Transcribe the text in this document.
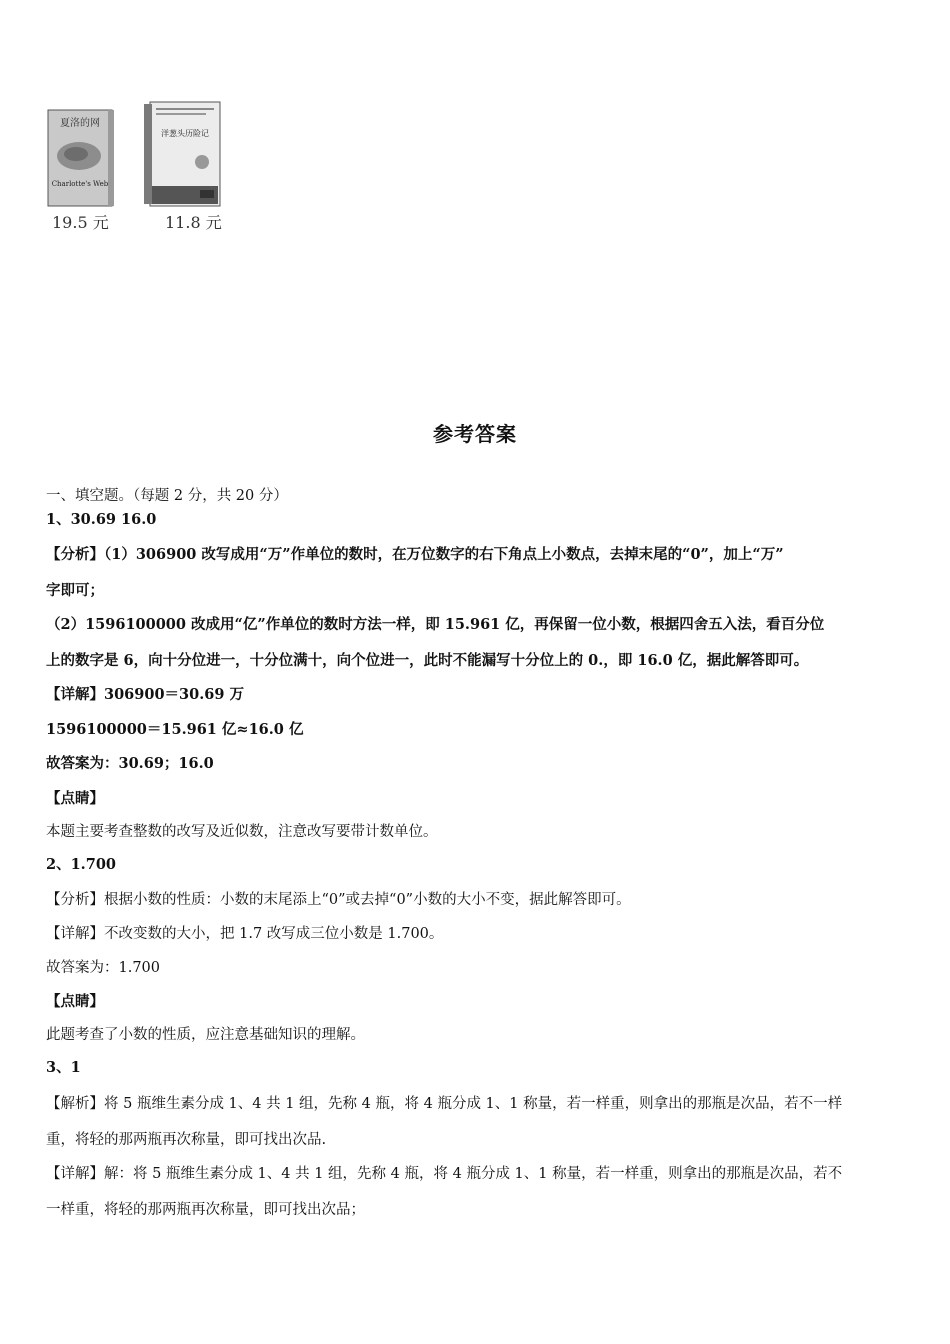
夏洛的网
Charlotte's Web
洋葱头历险记
19.5 元	11.8 元
参考答案
一、填空题。（每题 2 分，共 20 分）
1、30.69 16.0
【分析】（1）306900 改写成用“万”作单位的数时，在万位数字的右下角点上小数点，去掉末尾的“0”，加上“万”
字即可；
（2）1596100000 改成用“亿”作单位的数时方法一样，即 15.961 亿，再保留一位小数，根据四舍五入法，看百分位
上的数字是 6，向十分位进一，十分位满十，向个位进一，此时不能漏写十分位上的 0.，即 16.0 亿，据此解答即可。
【详解】306900＝30.69 万
1596100000＝15.961 亿≈16.0 亿
故答案为：30.69；16.0
【点睛】
本题主要考查整数的改写及近似数，注意改写要带计数单位。
2、1.700
【分析】根据小数的性质：小数的末尾添上“0”或去掉“0”小数的大小不变，据此解答即可。
【详解】不改变数的大小，把 1.7 改写成三位小数是 1.700。
故答案为：1.700
【点睛】
此题考查了小数的性质，应注意基础知识的理解。
3、1
【解析】将 5 瓶维生素分成 1、4 共 1 组，先称 4 瓶，将 4 瓶分成 1、1 称量，若一样重，则拿出的那瓶是次品，若不一样
重，将轻的那两瓶再次称量，即可找出次品.
【详解】解：将 5 瓶维生素分成 1、4 共 1 组，先称 4 瓶，将 4 瓶分成 1、1 称量，若一样重，则拿出的那瓶是次品，若不
一样重，将轻的那两瓶再次称量，即可找出次品；
